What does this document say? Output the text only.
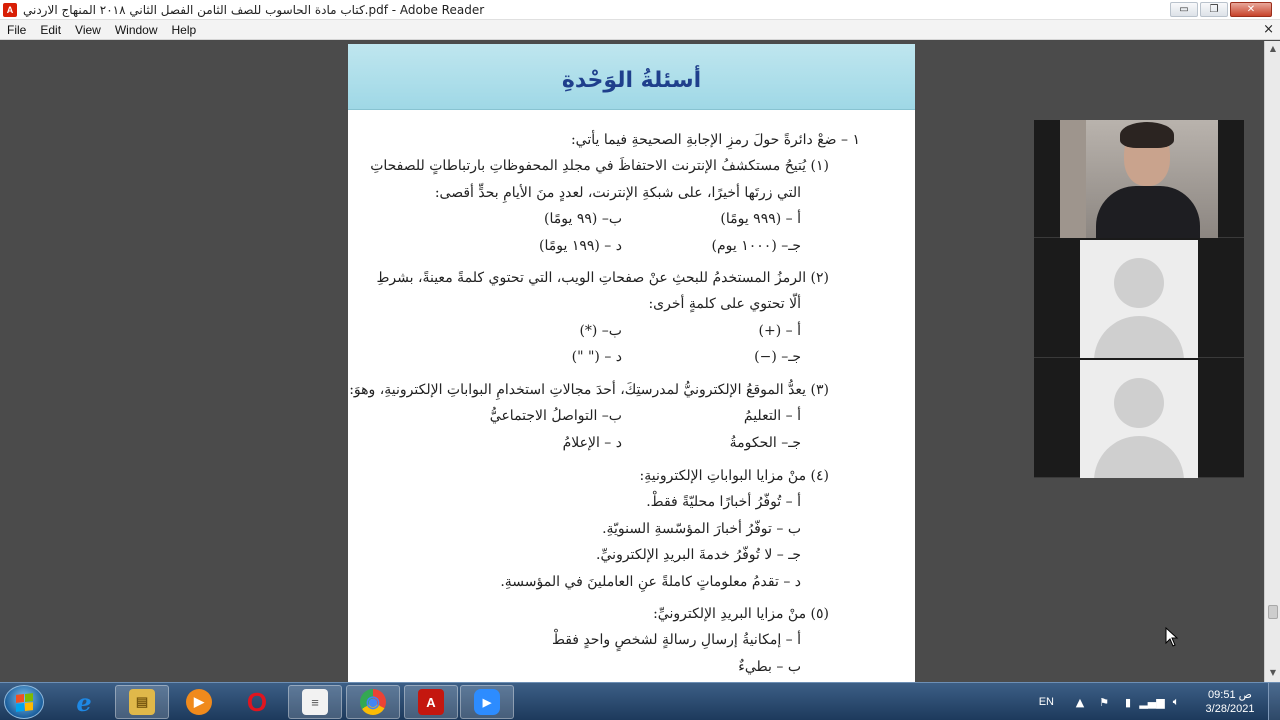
A كتاب مادة الحاسوب للصف الثامن الفصل الثاني ٢٠١٨ المنهاج الاردني.pdf - Adobe Reader	▭	❐	✕
File	Edit	View	Window	Help	×
أسئلةُ الوَحْدةِ
١ – ضعْ دائرةً حولَ رمزِ الإجابةِ الصحيحةِ فيما يأتي:
(١) يُتيحُ مستكشفُ الإنترنت الاحتفاظَ في مجلدِ المحفوظاتِ بارتباطاتٍ للصفحاتِ
التي زرتَها أخيرًا، على شبكةِ الإنترنت، لعددٍ منَ الأيامِ بحدٍّ أقصى:
أ – (٩٩٩ يومًا)
ب– (٩٩ يومًا)
جـ– (١٠٠٠ يوم)
د – (١٩٩ يومًا)
(٢) الرمزُ المستخدمُ للبحثِ عنْ صفحاتِ الويب، التي تحتوي كلمةً معينةً، بشرطِ
ألّا تحتوي على كلمةٍ أخرى:
أ – (+)
ب– (*)
جـ– (−)
د – (" ")
(٣) يعدُّ الموقعُ الإلكترونيُّ لمدرستِكَ، أحدَ مجالاتِ استخدامِ البواباتِ الإلكترونيةِ، وهوَ:
أ – التعليمُ
ب– التواصلُ الاجتماعيُّ
جـ– الحكومةُ
د – الإعلامُ
(٤) منْ مزايا البواباتِ الإلكترونيةِ:
أ – تُوفّرُ أخبارًا محليّةً فقطْ.
ب – توفّرُ أخبارَ المؤسّسةِ السنويّةِ.
جـ – لا تُوفّرُ خدمةَ البريدِ الإلكترونيِّ.
د – تقدمُ معلوماتٍ كاملةً عنِ العاملينَ في المؤسسةِ.
(٥) منْ مزايا البريدِ الإلكترونيِّ:
أ – إمكانيةُ إرسالِ رسالةٍ لشخصٍ واحدٍ فقطْ
ب – بطيءٌ
▲
▼
e	▤	▶	O	≡	◉	A	▶	EN ▲ ⚑	▮ ▂▄▆ 🔈︎	09:51 ص
3/28/2021
